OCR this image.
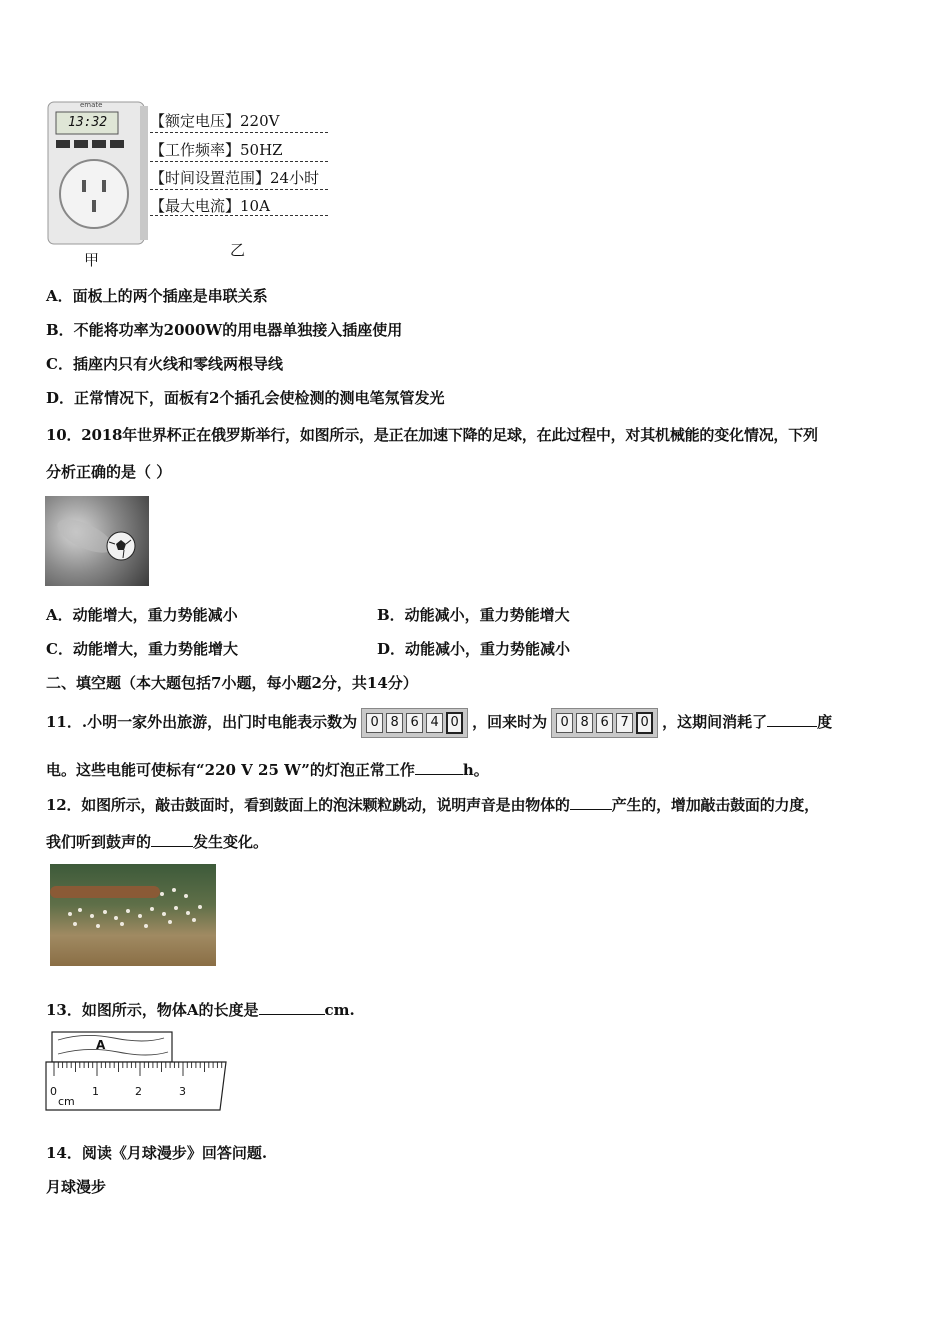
emate
13:32	【额定电压】220V
【工作频率】50HZ
【时间设置范围】24小时
【最大电流】10A
甲
乙
A．面板上的两个插座是串联关系
B．不能将功率为2000W的用电器单独接入插座使用
C．插座内只有火线和零线两根导线
D．正常情况下，面板有2个插孔会使检测的测电笔氖管发光
10．2018年世界杯正在俄罗斯举行，如图所示，是正在加速下降的足球，在此过程中，对其机械能的变化情况，下列
分析正确的是（ ）
A．动能增大，重力势能减小	B．动能减小，重力势能增大
C．动能增大，重力势能增大	D．动能减小，重力势能减小
二、填空题（本大题包括7小题，每小题2分，共14分）
11．.小明一家外出旅游，出门时电能表示数为	0 8 6 4 0 ，回来时为	0 8 6 7 0 ，这期间消耗了	度
电。这些电能可使标有“220 V 25 W”的灯泡正常工作	h。
12．如图所示，敲击鼓面时，看到鼓面上的泡沫颗粒跳动，说明声音是由物体的	产生的，增加敲击鼓面的力度，
我们听到鼓声的	发生变化。
13．如图所示，物体A的长度是	cm.
A
0	1	2	3
cm
14．阅读《月球漫步》回答问题.
月球漫步
